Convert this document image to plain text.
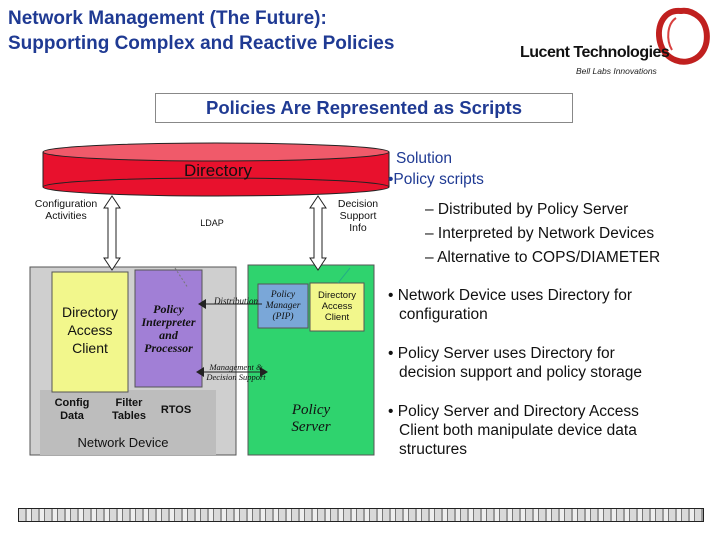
Network Management (The Future):
Supporting Complex and Reactive Policies	Lucent Technologies
Bell Labs Innovations
Policies Are Represented as Scripts
Directory
Configuration
Activities
Decision
Support
Info
LDAP
Directory
Access
Client
Policy
Interpreter
and
Processor
Distribution
Policy
Manager
(PIP)
Directory
Access
Client
Management &
Decision Support
Config
Data
Filter
Tables	RTOS
Network Device
Policy
Server
Solution
•Policy scripts
– Distributed by Policy Server
– Interpreted by Network Devices
– Alternative to COPS/DIAMETER
• Network Device uses Directory for
configuration
• Policy Server uses Directory for
decision support and policy storage
• Policy Server and Directory Access
Client both manipulate device data
structures
